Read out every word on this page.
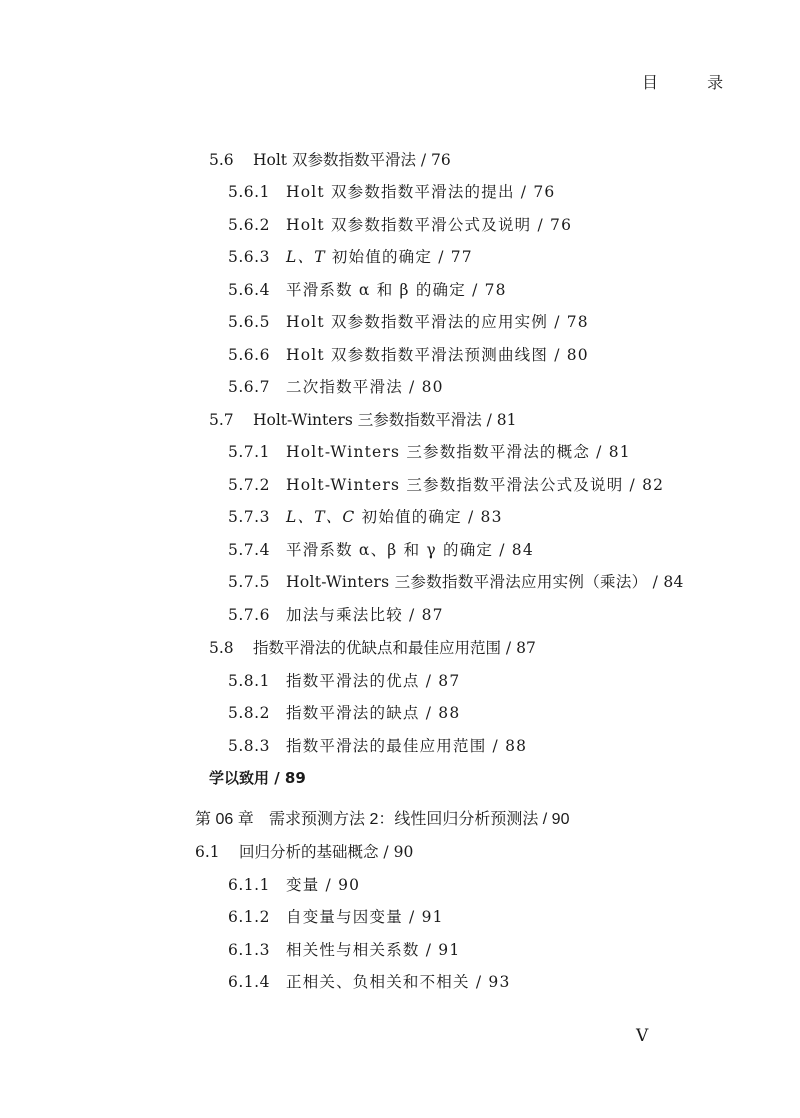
目 录
5.6 Holt 双参数指数平滑法 / 76
5.6.1 Holt 双参数指数平滑法的提出 / 76
5.6.2 Holt 双参数指数平滑公式及说明 / 76
5.6.3 L、T 初始值的确定 / 77
5.6.4 平滑系数 α 和 β 的确定 / 78
5.6.5 Holt 双参数指数平滑法的应用实例 / 78
5.6.6 Holt 双参数指数平滑法预测曲线图 / 80
5.6.7 二次指数平滑法 / 80
5.7 Holt-Winters 三参数指数平滑法 / 81
5.7.1 Holt-Winters 三参数指数平滑法的概念 / 81
5.7.2 Holt-Winters 三参数指数平滑法公式及说明 / 82
5.7.3 L、T、C 初始值的确定 / 83
5.7.4 平滑系数 α、β 和 γ 的确定 / 84
5.7.5 Holt-Winters 三参数指数平滑法应用实例（乘法） / 84
5.7.6 加法与乘法比较 / 87
5.8 指数平滑法的优缺点和最佳应用范围 / 87
5.8.1 指数平滑法的优点 / 87
5.8.2 指数平滑法的缺点 / 88
5.8.3 指数平滑法的最佳应用范围 / 88
学以致用 / 89
第 06 章 需求预测方法 2：线性回归分析预测法 / 90
6.1 回归分析的基础概念 / 90
6.1.1 变量 / 90
6.1.2 自变量与因变量 / 91
6.1.3 相关性与相关系数 / 91
6.1.4 正相关、负相关和不相关 / 93
V
